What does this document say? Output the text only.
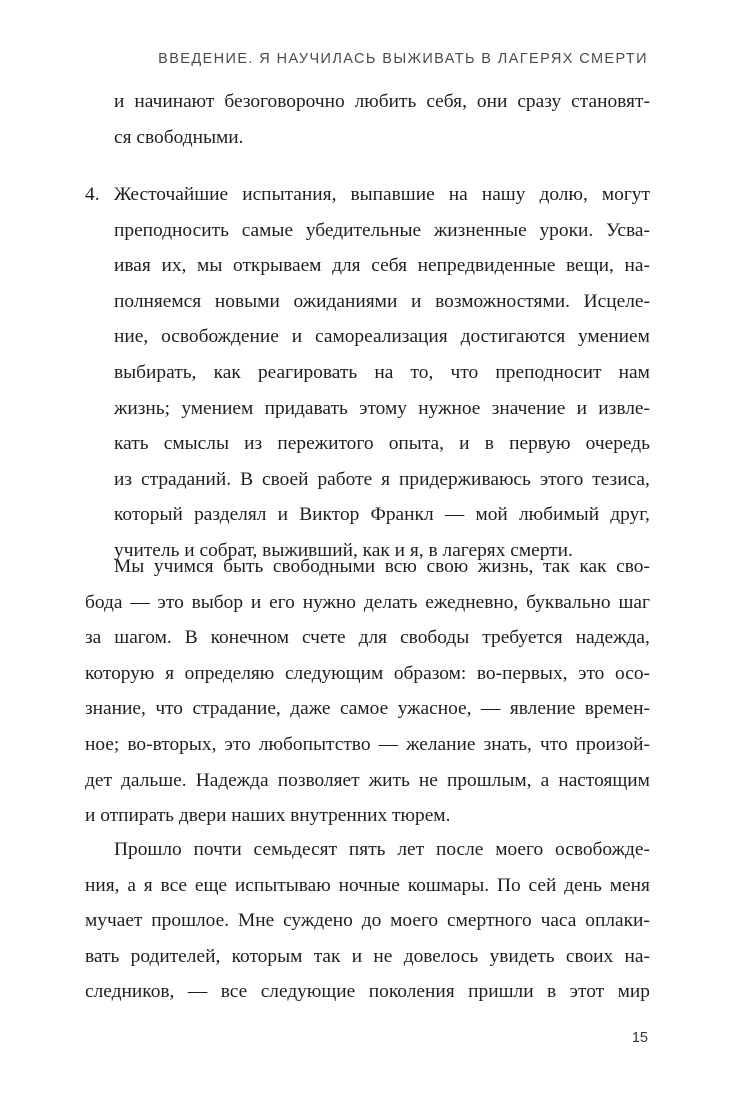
ВВЕДЕНИЕ. Я НАУЧИЛАСЬ ВЫЖИВАТЬ В ЛАГЕРЯХ СМЕРТИ
и начинают безоговорочно любить себя, они сразу становят-
ся свободными.
4. Жесточайшие испытания, выпавшие на нашу долю, могут
преподносить самые убедительные жизненные уроки. Усва-
ивая их, мы открываем для себя непредвиденные вещи, на-
полняемся новыми ожиданиями и возможностями. Исцеле-
ние, освобождение и самореализация достигаются умением
выбирать, как реагировать на то, что преподносит нам
жизнь; умением придавать этому нужное значение и извле-
кать смыслы из пережитого опыта, и в первую очередь
из страданий. В своей работе я придерживаюсь этого тезиса,
который разделял и Виктор Франкл — мой любимый друг,
учитель и собрат, выживший, как и я, в лагерях смерти.
Мы учимся быть свободными всю свою жизнь, так как сво-
бода — это выбор и его нужно делать ежедневно, буквально шаг
за шагом. В конечном счете для свободы требуется надежда,
которую я определяю следующим образом: во-первых, это осо-
знание, что страдание, даже самое ужасное, — явление времен-
ное; во-вторых, это любопытство — желание знать, что произой-
дет дальше. Надежда позволяет жить не прошлым, а настоящим
и отпирать двери наших внутренних тюрем.
Прошло почти семьдесят пять лет после моего освобожде-
ния, а я все еще испытываю ночные кошмары. По сей день меня
мучает прошлое. Мне суждено до моего смертного часа оплаки-
вать родителей, которым так и не довелось увидеть своих на-
следников, — все следующие поколения пришли в этот мир
15
